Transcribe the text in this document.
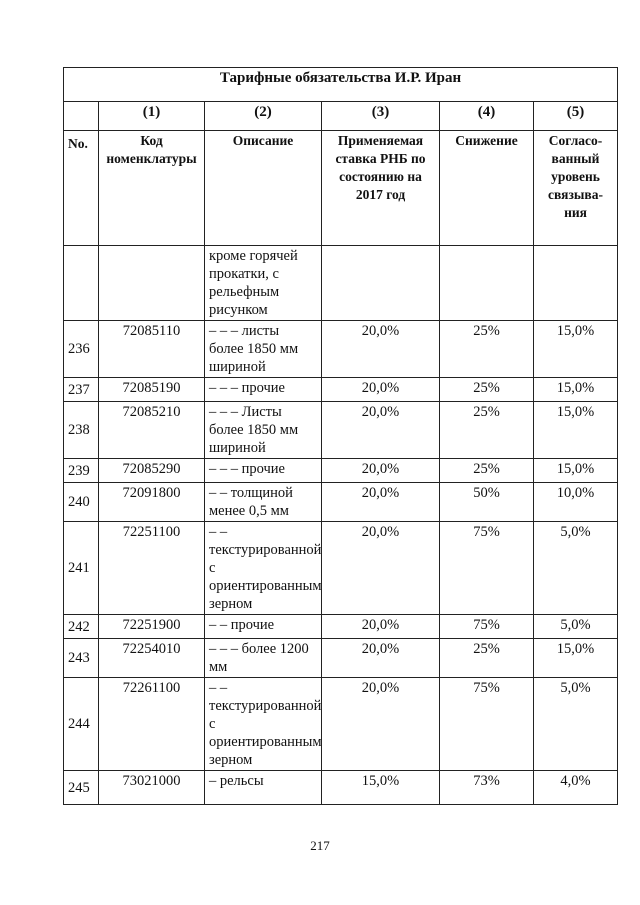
Тарифные обязательства И.Р. Иран					
	(1)	(2)	(3)	(4)	(5)
No.	Код номенклатуры	Описание	Применяемая ставка РНБ по состоянию на 2017 год	Снижение	Согласо-ванный уровень связыва-ния
		кроме горячей прокатки, с рельефным рисунком			
236	72085110	– – – листы более 1850 мм шириной	20,0%	25%	15,0%
237	72085190	– – – прочие	20,0%	25%	15,0%
238	72085210	– – – Листы более 1850 мм шириной	20,0%	25%	15,0%
239	72085290	– – – прочие	20,0%	25%	15,0%
240	72091800	– – толщиной менее 0,5 мм	20,0%	50%	10,0%
241	72251100	– – текстурированной с ориентированным зерном	20,0%	75%	5,0%
242	72251900	– – прочие	20,0%	75%	5,0%
243	72254010	– – – более 1200 мм	20,0%	25%	15,0%
244	72261100	– – текстурированной с ориентированным зерном	20,0%	75%	5,0%
245	73021000	– рельсы	15,0%	73%	4,0%
217
